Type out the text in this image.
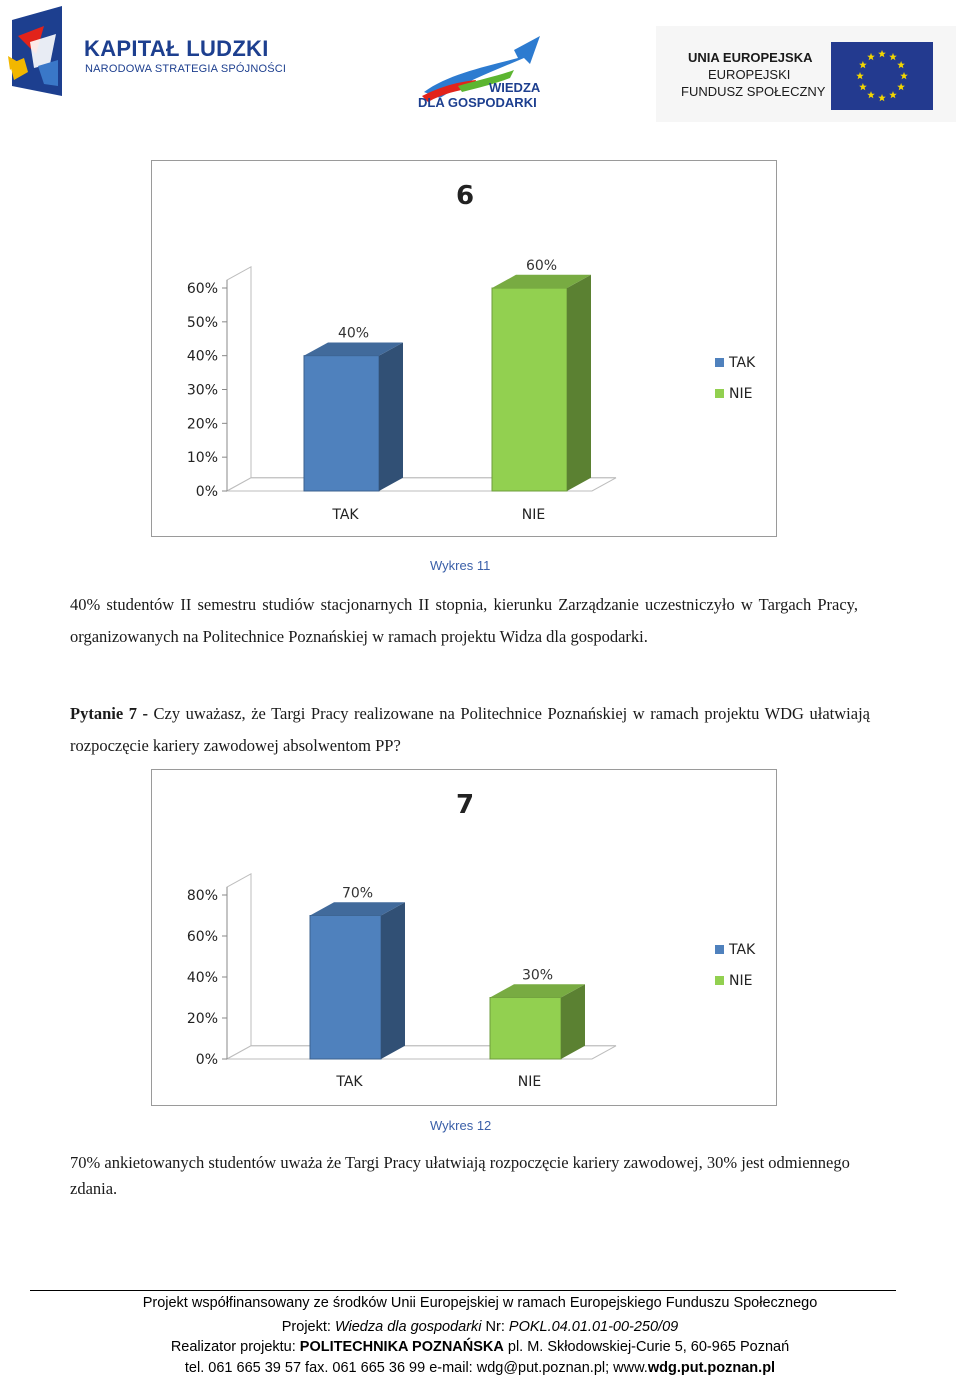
KAPITAŁ LUDZKI
NARODOWA STRATEGIA SPÓJNOŚCI
WIEDZA
DLA GOSPODARKI
UNIA EUROPEJSKA
EUROPEJSKI
FUNDUSZ SPOŁECZNY
6
0%
10%
20%
30%
40%
50%
60%
40%
TAK
60%
NIE
TAK
NIE
Wykres 11

40% studentów II semestru studiów stacjonarnych II stopnia, kierunku Zarządzanie uczestniczyło w Targach Pracy, organizowanych na Politechnice Poznańskiej w ramach projektu Widza dla gospodarki.

Pytanie 7 - Czy uważasz, że Targi Pracy realizowane na Politechnice Poznańskiej w ramach projektu WDG ułatwiają rozpoczęcie kariery zawodowej absolwentom PP?

7
0%
20%
40%
60%
80%	70%
TAK
30%
NIE
TAK
NIE
Wykres 12

70% ankietowanych studentów uważa że Targi Pracy ułatwiają rozpoczęcie kariery zawodowej, 30% jest odmiennego zdania.

Projekt współfinansowany ze środków Unii Europejskiej w ramach Europejskiego Funduszu Społecznego
Projekt: Wiedza dla gospodarki Nr: POKL.04.01.01-00-250/09
Realizator projektu: POLITECHNIKA POZNAŃSKA pl. M. Skłodowskiej-Curie 5, 60-965 Poznań
tel. 061 665 39 57 fax. 061 665 36 99 e-mail: wdg@put.poznan.pl; www.wdg.put.poznan.pl
